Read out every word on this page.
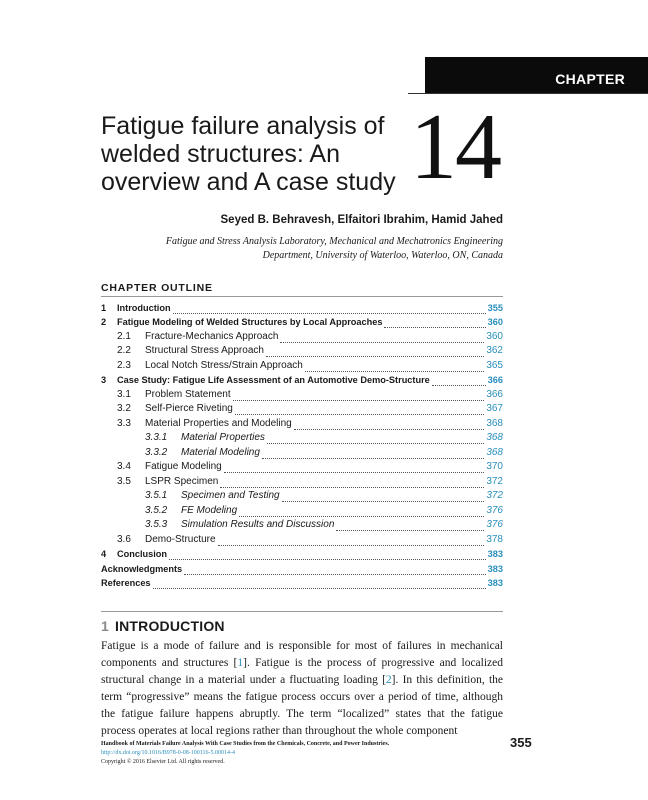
CHAPTER
Fatigue failure analysis of
welded structures: An
overview and A case study 14
Seyed B. Behravesh, Elfaitori Ibrahim, Hamid Jahed
Fatigue and Stress Analysis Laboratory, Mechanical and Mechatronics Engineering
Department, University of Waterloo, Waterloo, ON, Canada
CHAPTER OUTLINE
1	Introduction	355
2	Fatigue Modeling of Welded Structures by Local Approaches	360
2.1	Fracture-Mechanics Approach	360
2.2	Structural Stress Approach	362
2.3	Local Notch Stress/Strain Approach	365
3	Case Study: Fatigue Life Assessment of an Automotive Demo-Structure	366
3.1	Problem Statement	366
3.2	Self-Pierce Riveting	367
3.3	Material Properties and Modeling	368
3.3.1	Material Properties	368
3.3.2	Material Modeling	368
3.4	Fatigue Modeling	370
3.5	LSPR Specimen	372
3.5.1	Specimen and Testing	372
3.5.2	FE Modeling	376
3.5.3	Simulation Results and Discussion	376
3.6	Demo-Structure	378
4	Conclusion	383
Acknowledgments	383
References	383
1 INTRODUCTION

Fatigue is a mode of failure and is responsible for most of failures in mechanical components and structures [1]. Fatigue is the process of progressive and localized structural change in a material under a fluctuating loading [2]. In this definition, the term “progressive” means the fatigue process occurs over a period of time, although the fatigue failure happens abruptly. The term “localized” states that the fatigue process operates at local regions rather than throughout the whole component

Handbook of Materials Failure Analysis With Case Studies from the Chemicals, Concrete, and Power Industries.
http://dx.doi.org/10.1016/B978-0-08-100116-5.00014-4
Copyright © 2016 Elsevier Ltd. All rights reserved.
355
